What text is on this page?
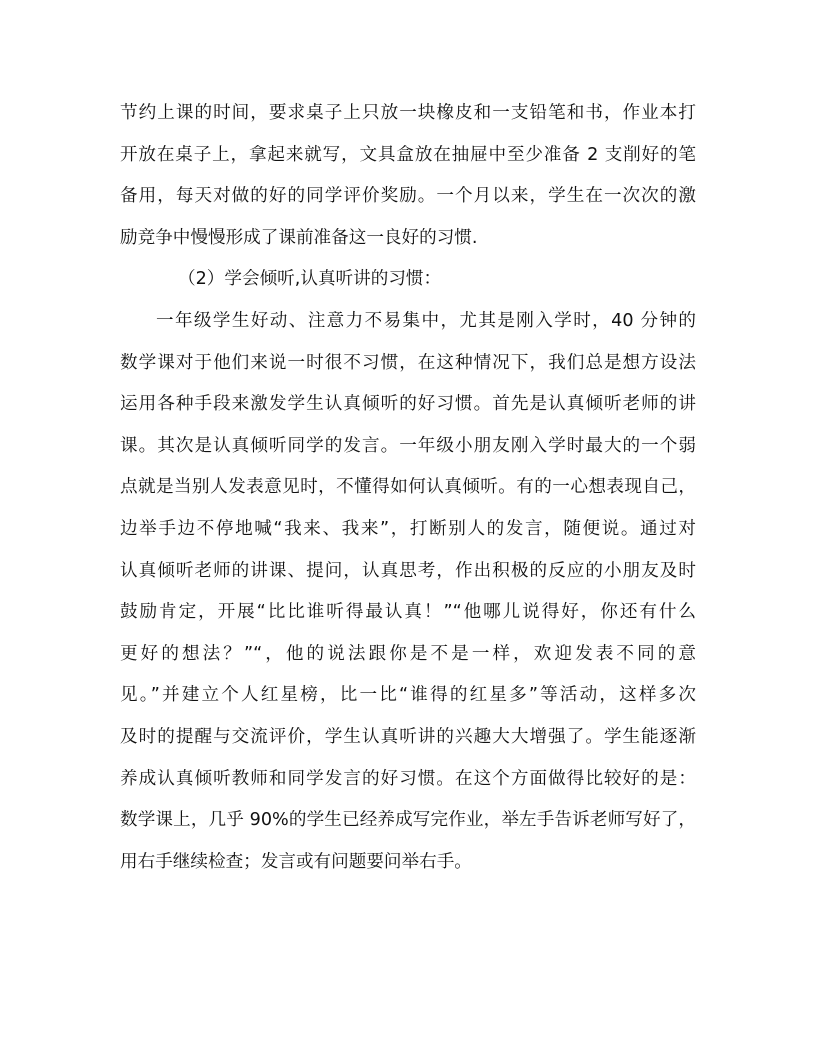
节约上课的时间，要求桌子上只放一块橡皮和一支铅笔和书，作业本打
开放在桌子上，拿起来就写，文具盒放在抽屉中至少准备 2 支削好的笔
备用，每天对做的好的同学评价奖励。一个月以来，学生在一次次的激
励竞争中慢慢形成了课前准备这一良好的习惯.
（2）学会倾听,认真听讲的习惯：
一年级学生好动、注意力不易集中，尤其是刚入学时，40 分钟的
数学课对于他们来说一时很不习惯，在这种情况下，我们总是想方设法
运用各种手段来激发学生认真倾听的好习惯。首先是认真倾听老师的讲
课。其次是认真倾听同学的发言。一年级小朋友刚入学时最大的一个弱
点就是当别人发表意见时，不懂得如何认真倾听。有的一心想表现自己，
边举手边不停地喊“我来、我来”，打断别人的发言，随便说。通过对
认真倾听老师的讲课、提问，认真思考，作出积极的反应的小朋友及时
鼓励肯定，开展“比比谁听得最认真！”“他哪儿说得好，你还有什么
更好的想法？”“，他的说法跟你是不是一样，欢迎发表不同的意
见。”并建立个人红星榜，比一比“谁得的红星多”等活动，这样多次
及时的提醒与交流评价，学生认真听讲的兴趣大大增强了。学生能逐渐
养成认真倾听教师和同学发言的好习惯。在这个方面做得比较好的是：
数学课上，几乎 90%的学生已经养成写完作业，举左手告诉老师写好了，
用右手继续检查；发言或有问题要问举右手。
